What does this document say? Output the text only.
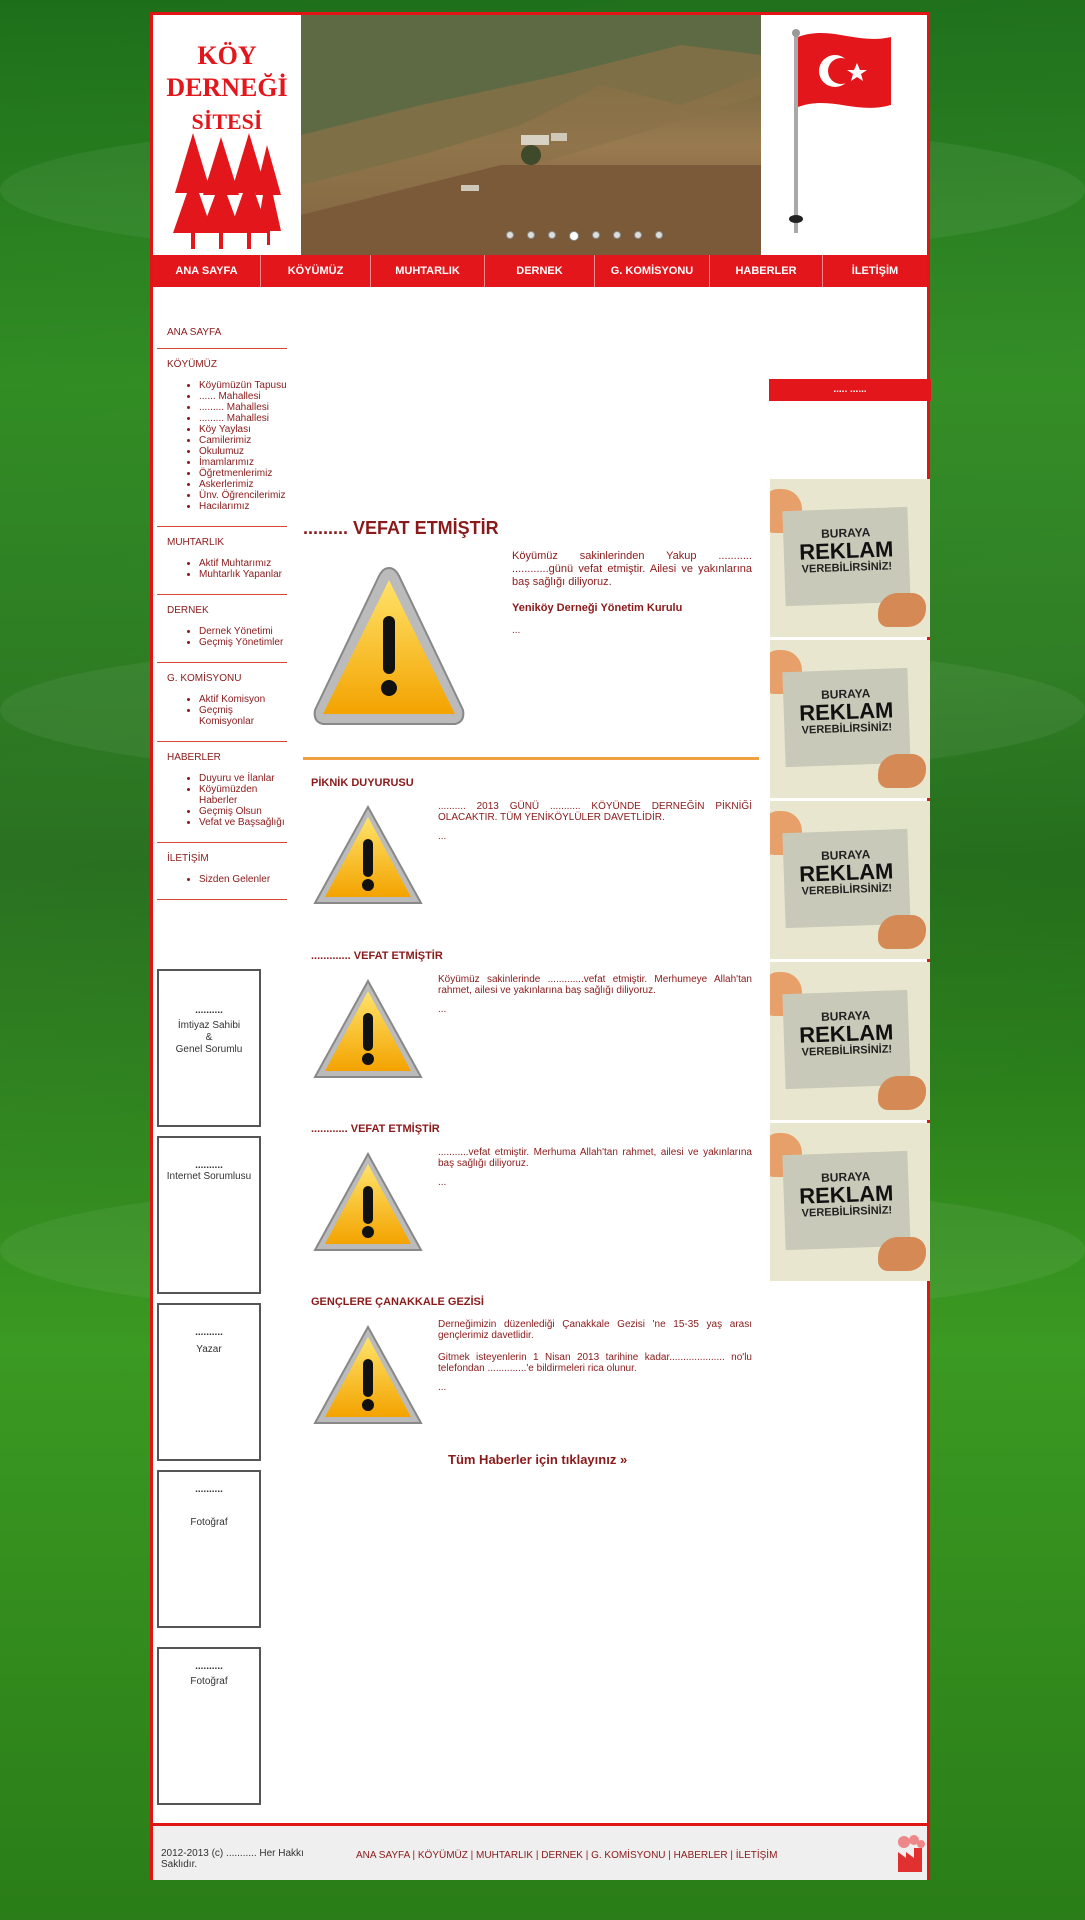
KÖY
DERNEĞİ
SİTESİ
ANA SAYFA	KÖYÜMÜZ	MUHTARLIK	DERNEK	G. KOMİSYONU	HABERLER	İLETİŞİM
ANA SAYFA
KÖYÜMÜZ
• Köyümüzün Tapusu
• ...... Mahallesi
• ......... Mahallesi
• ......... Mahallesi
• Köy Yaylası
• Camilerimiz
• Okulumuz
• İmamlarımız
• Öğretmenlerimiz
• Askerlerimiz
• Ünv. Öğrencilerimiz
• Hacılarımız
MUHTARLIK
• Aktif Muhtarımız
• Muhtarlık Yapanlar
DERNEK
• Dernek Yönetimi
• Geçmiş Yönetimler
G. KOMİSYONU
• Aktif Komisyon
• Geçmiş Komisyonlar
HABERLER
• Duyuru ve İlanlar
• Köyümüzden Haberler
• Geçmiş Olsun
• Vefat ve Başsağlığı
İLETİŞİM
• Sizden Gelenler
..........
İmtiyaz Sahibi
&
Genel Sorumlu
..........
Internet Sorumlusu
..........
Yazar
..........
Fotoğraf
..........
Fotoğraf
......... VEFAT ETMİŞTİR
Köyümüz sakinlerinden Yakup ........... ............günü vefat etmiştir. Ailesi ve yakınlarına baş sağlığı diliyoruz.
Yeniköy Derneği Yönetim Kurulu
...
PİKNİK DUYURUSU
.......... 2013 GÜNÜ ........... KÖYÜNDE DERNEĞİN PİKNİĞİ OLACAKTIR. TÜM YENİKÖYLÜLER DAVETLİDİR.
...
............. VEFAT ETMİŞTİR
Köyümüz sakinlerinde .............vefat etmiştir. Merhumeye Allah'tan rahmet, ailesi ve yakınlarına baş sağlığı diliyoruz.
...
............ VEFAT ETMİŞTİR
...........vefat etmiştir. Merhuma Allah'tan rahmet, ailesi ve yakınlarına baş sağlığı diliyoruz.
...
GENÇLERE ÇANAKKALE GEZİSİ
Derneğimizin düzenlediği Çanakkale Gezisi 'ne 15-35 yaş arası gençlerimiz davetlidir.
Gitmek isteyenlerin 1 Nisan 2013 tarihine kadar.................... no'lu telefondan ..............'e bildirmeleri rica olunur.
...
Tüm Haberler için tıklayınız »
..... ......
BURAYA
REKLAM
VEREBİLİRSİNİZ!
BURAYA
REKLAM
VEREBİLİRSİNİZ!
BURAYA
REKLAM
VEREBİLİRSİNİZ!
BURAYA
REKLAM
VEREBİLİRSİNİZ!
BURAYA
REKLAM
VEREBİLİRSİNİZ!
2012-2013 (c) ........... Her Hakkı Saklıdır.
ANA SAYFA | KÖYÜMÜZ | MUHTARLIK | DERNEK | G. KOMİSYONU | HABERLER | İLETİŞİM
